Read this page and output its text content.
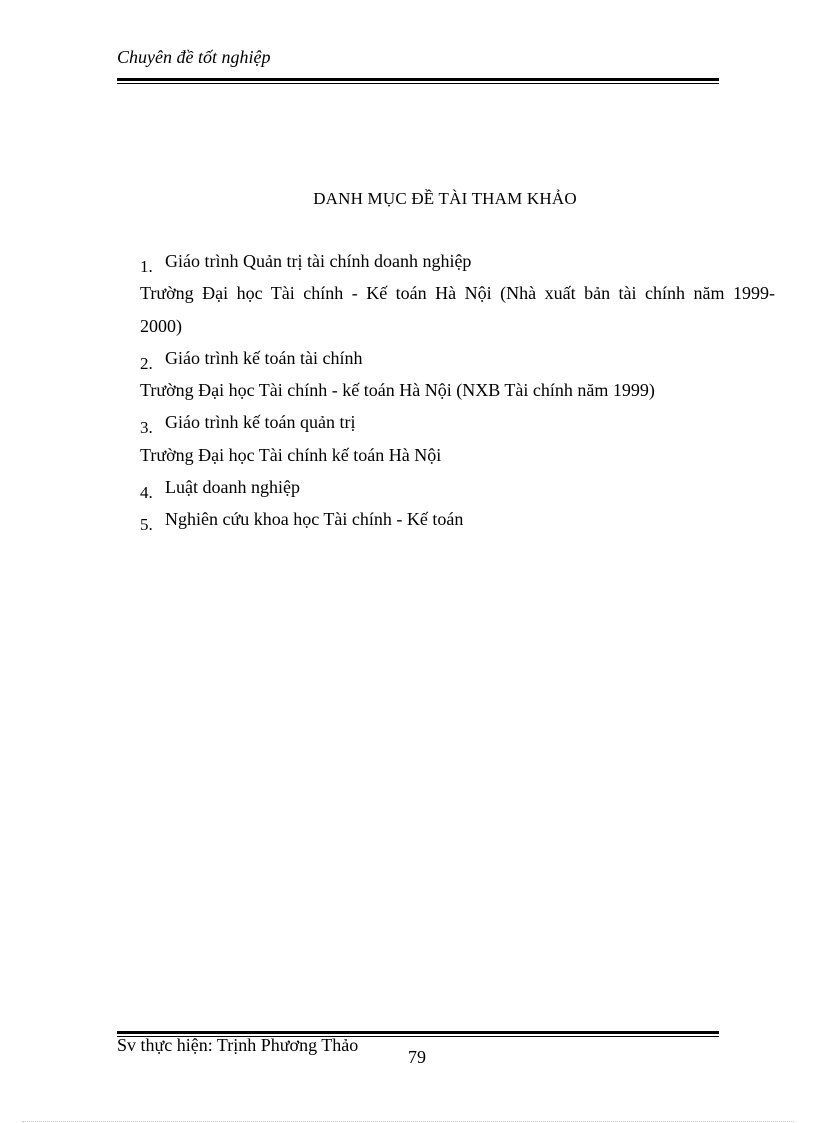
Chuyên đề tốt nghiệp
DANH MỤC ĐỀ TÀI THAM KHẢO
1. Giáo trình Quản trị tài chính doanh nghiệp
Trường Đại học Tài chính - Kế toán Hà Nội (Nhà xuất bản tài chính năm 1999-
2000)
2. Giáo trình kế toán tài chính
Trường Đại học Tài chính - kế toán Hà Nội (NXB Tài chính năm 1999)
3. Giáo trình kế toán quản trị
Trường Đại học Tài chính kế toán Hà Nội
4. Luật doanh nghiệp
5. Nghiên cứu khoa học Tài chính - Kế toán
Sv thực hiện: Trịnh Phương Thảo
79
